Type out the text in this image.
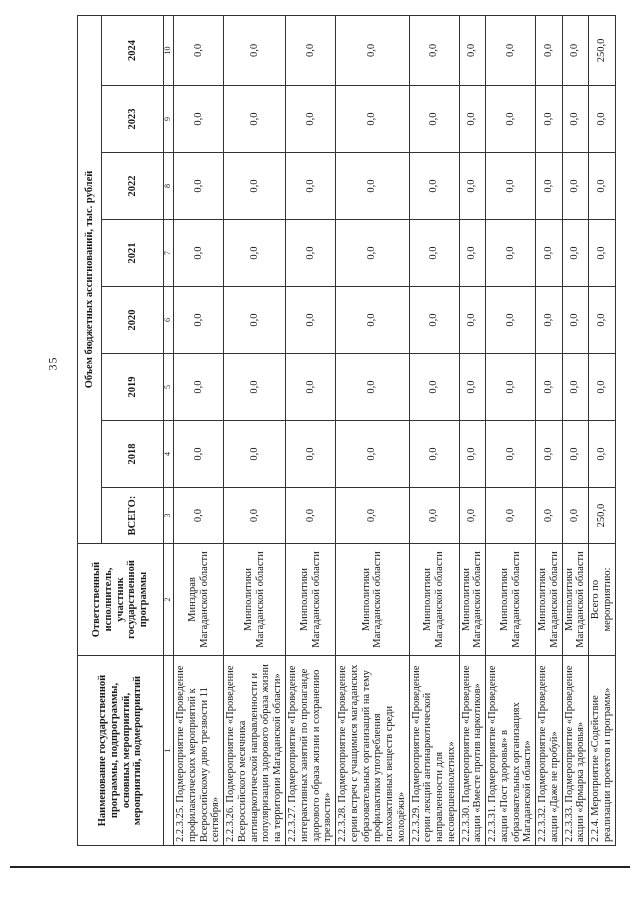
35
Наименование государственной программы, подпрограммы, основных мероприятий, мероприятий, подмероприятий	Ответственный исполнитель, участник государственной программы	Объем бюджетных ассигнований, тыс. рублей							
		ВСЕГО:	2018	2019	2020	2021	2022	2023	2024
1	2	3	4	5	6	7	8	9	10
2.2.3.25. Подмероприятие «Проведение профилактических мероприятий к Всероссийскому дню трезвости 11 сентября»	Минздрав Магаданской области	0,0	0,0	0,0	0,0	0,0	0,0	0,0	0,0
2.2.3.26. Подмероприятие «Проведение Всероссийского месячника антинаркотической направленности и популяризации здорового образа жизни на территории Магаданской области»	Минполитики Магаданской области	0,0	0,0	0,0	0,0	0,0	0,0	0,0	0,0
2.2.3.27. Подмероприятие «Проведение интерактивных занятий по пропаганде здорового образа жизни и сохранению трезвости»	Минполитики Магаданской области	0,0	0,0	0,0	0,0	0,0	0,0	0,0	0,0
2.2.3.28. Подмероприятие «Проведение серии встреч с учащимися магаданских образовательных организаций на тему профилактики употребления психоактивных веществ среди молодёжи»	Минполитики Магаданской области	0,0	0,0	0,0	0,0	0,0	0,0	0,0	0,0
2.2.3.29. Подмероприятие «Проведение серии лекций антинаркотической направленности для несовершеннолетних»	Минполитики Магаданской области	0,0	0,0	0,0	0,0	0,0	0,0	0,0	0,0
2.2.3.30. Подмероприятие «Проведение акции «Вместе против наркотиков»	Минполитики Магаданской области	0,0	0,0	0,0	0,0	0,0	0,0	0,0	0,0
2.2.3.31. Подмероприятие «Проведение акции «Пост здоровья» в образовательных организациях Магаданской области»	Минполитики Магаданской области	0,0	0,0	0,0	0,0	0,0	0,0	0,0	0,0
2.2.3.32. Подмероприятие «Проведение акции «Даже не пробуй»	Минполитики Магаданской области	0,0	0,0	0,0	0,0	0,0	0,0	0,0	0,0
2.2.3.33. Подмероприятие «Проведение акции «Ярмарка здоровья»	Минполитики Магаданской области	0,0	0,0	0,0	0,0	0,0	0,0	0,0	0,0
2.2.4. Мероприятие «Содействие реализации проектов и программ»	Всего по мероприятию:	250,0	0,0	0,0	0,0	0,0	0,0	0,0	250,0
